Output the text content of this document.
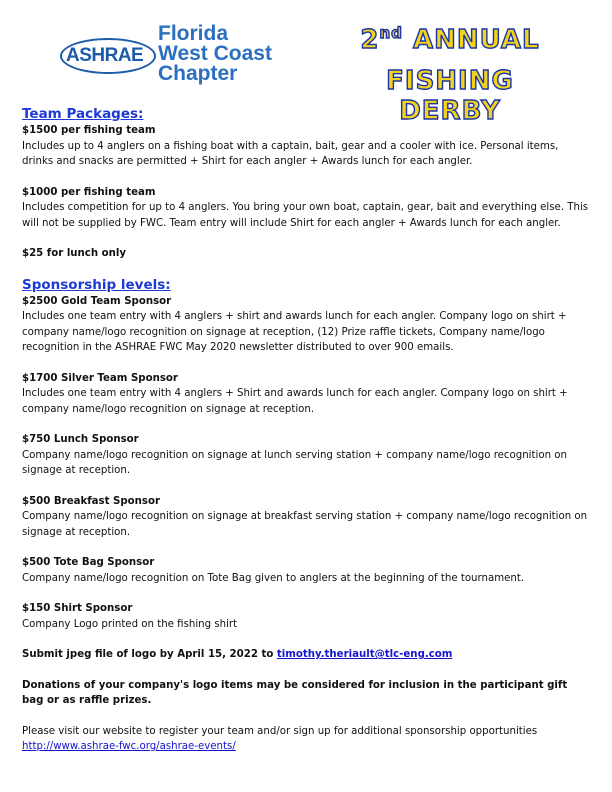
ASHRAE
Florida
West Coast
Chapter
2nd ANNUAL
FISHING DERBY
Team Packages:
$1500 per fishing team
Includes up to 4 anglers on a fishing boat with a captain, bait, gear and a cooler with ice. Personal items, drinks and snacks are permitted + Shirt for each angler + Awards lunch for each angler.
$1000 per fishing team
Includes competition for up to 4 anglers. You bring your own boat, captain, gear, bait and everything else. This will not be supplied by FWC. Team entry will include Shirt for each angler + Awards lunch for each angler.
$25 for lunch only
Sponsorship levels:
$2500 Gold Team Sponsor
Includes one team entry with 4 anglers + shirt and awards lunch for each angler. Company logo on shirt + company name/logo recognition on signage at reception, (12) Prize raffle tickets, Company name/logo recognition in the ASHRAE FWC May 2020 newsletter distributed to over 900 emails.
$1700 Silver Team Sponsor
Includes one team entry with 4 anglers + Shirt and awards lunch for each angler. Company logo on shirt + company name/logo recognition on signage at reception.
$750 Lunch Sponsor
Company name/logo recognition on signage at lunch serving station + company name/logo recognition on signage at reception.
$500 Breakfast Sponsor
Company name/logo recognition on signage at breakfast serving station + company name/logo recognition on signage at reception.
$500 Tote Bag Sponsor
Company name/logo recognition on Tote Bag given to anglers at the beginning of the tournament.
$150 Shirt Sponsor
Company Logo printed on the fishing shirt
Submit jpeg file of logo by April 15, 2022 to timothy.theriault@tlc-eng.com
Donations of your company's logo items may be considered for inclusion in the participant gift bag or as raffle prizes.
Please visit our website to register your team and/or sign up for additional sponsorship opportunities
http://www.ashrae-fwc.org/ashrae-events/
